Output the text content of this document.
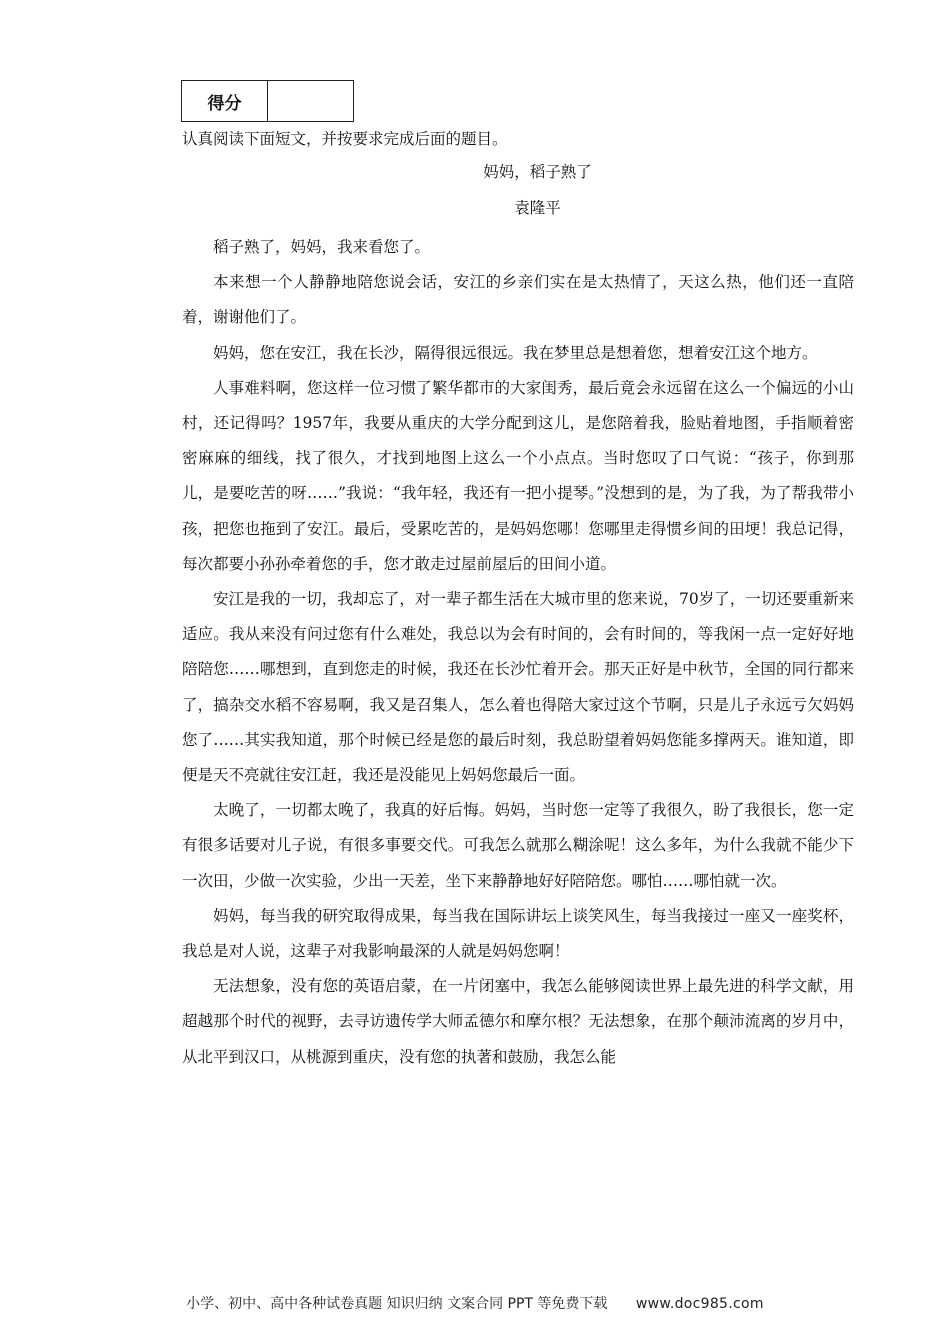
得分
认真阅读下面短文，并按要求完成后面的题目。
妈妈，稻子熟了
袁隆平

稻子熟了，妈妈，我来看您了。

本来想一个人静静地陪您说会话，安江的乡亲们实在是太热情了，天这么热，他们还一直陪着，谢谢他们了。

妈妈，您在安江，我在长沙，隔得很远很远。我在梦里总是想着您，想着安江这个地方。

人事难料啊，您这样一位习惯了繁华都市的大家闺秀，最后竟会永远留在这么一个偏远的小山村，还记得吗？1957年，我要从重庆的大学分配到这儿，是您陪着我，脸贴着地图，手指顺着密密麻麻的细线，找了很久，才找到地图上这么一个小点点。当时您叹了口气说：“孩子，你到那儿，是要吃苦的呀……”我说：“我年轻，我还有一把小提琴。”没想到的是，为了我，为了帮我带小孩，把您也拖到了安江。最后，受累吃苦的，是妈妈您哪！您哪里走得惯乡间的田埂！我总记得，每次都要小孙孙牵着您的手，您才敢走过屋前屋后的田间小道。

安江是我的一切，我却忘了，对一辈子都生活在大城市里的您来说，70岁了，一切还要重新来适应。我从来没有问过您有什么难处，我总以为会有时间的，会有时间的，等我闲一点一定好好地陪陪您……哪想到，直到您走的时候，我还在长沙忙着开会。那天正好是中秋节，全国的同行都来了，搞杂交水稻不容易啊，我又是召集人，怎么着也得陪大家过这个节啊，只是儿子永远亏欠妈妈您了……其实我知道，那个时候已经是您的最后时刻，我总盼望着妈妈您能多撑两天。谁知道，即便是天不亮就往安江赶，我还是没能见上妈妈您最后一面。

太晚了，一切都太晚了，我真的好后悔。妈妈，当时您一定等了我很久，盼了我很长，您一定有很多话要对儿子说，有很多事要交代。可我怎么就那么糊涂呢！这么多年，为什么我就不能少下一次田，少做一次实验，少出一天差，坐下来静静地好好陪陪您。哪怕……哪怕就一次。

妈妈，每当我的研究取得成果，每当我在国际讲坛上谈笑风生，每当我接过一座又一座奖杯，我总是对人说，这辈子对我影响最深的人就是妈妈您啊！

无法想象，没有您的英语启蒙，在一片闭塞中，我怎么能够阅读世界上最先进的科学文献，用超越那个时代的视野，去寻访遗传学大师孟德尔和摩尔根？无法想象，在那个颠沛流离的岁月中，从北平到汉口，从桃源到重庆，没有您的执著和鼓励，我怎么能

小学、初中、高中各种试卷真题 知识归纳 文案合同 PPT 等免费下载 www.doc985.com
